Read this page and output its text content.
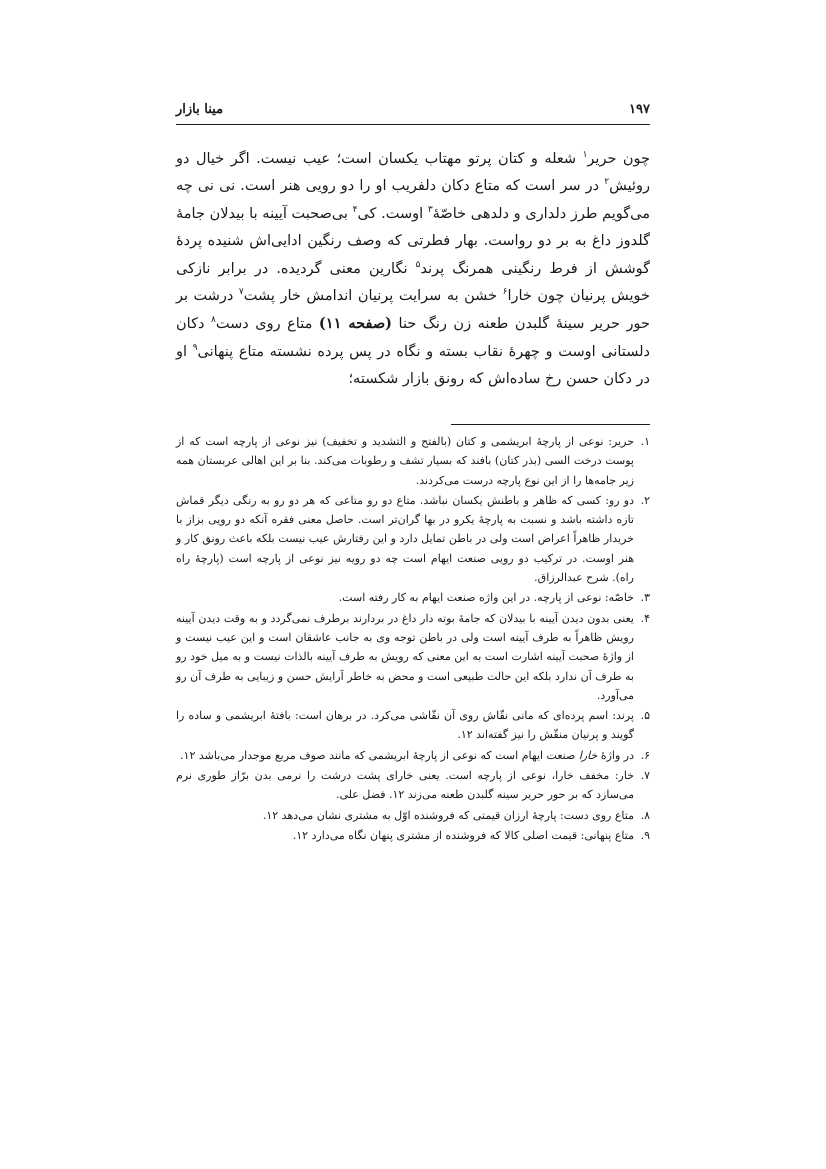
۱۹۷
مینا بازار

چون حریر$^۱$ شعله و کتان پرتو مهتاب یکسان است؛ عیب نیست. اگر خیال دو روئیش$^۲$ در سر است که متاع دکان دلفریب او را دو رویی هنر است. نی نی چه می‌گویم طرز دلداری و دلدهی خاصّهٔ$^۳$ اوست. کی$^۴$ بی‌صحبت آیینه با بیدلان جامهٔ گلدوز داغ به بر دو رواست. بهار فطرتی که وصف رنگین ادایی‌اش شنیده پردهٔ گوشش از فرط رنگینی همرنگ پرند$^۵$ نگارین معنی گردیده. در برابر نازکی خویش پرنیان چون خارا$^۶$ خشن به سرایت پرنیان اندامش خار پشت$^۷$ درشت بر حور حریر سینهٔ گلبدن طعنه زن رنگ حنا (صفحه ۱۱) متاع روی دست$^۸$ دکان دلستانی اوست و چهرهٔ نقاب بسته و نگاه در پس پرده نشسته متاع پنهانی$^۹$ او در دکان حسن رخ ساده‌اش که رونق بازار شکسته؛

۱.
حریر: نوعی از پارچهٔ ابریشمی و کتان (بالفتح و التشدید و تخفیف) نیز نوعی از پارچه است که از پوست درخت السی (بذر کتان) بافند که بسیار تشف و رطوبات می‌کند. بنا بر این اهالی عربستان همه زیر جامه‌ها را از این نوع پارچه درست می‌کردند.
۲.
دو رو: کسی که ظاهر و باطنش یکسان نباشد. متاع دو رو متاعی که هر دو رو به رنگی دیگر قماش تازه داشته باشد و نسبت به پارچهٔ یکرو در بها گران‌تر است. حاصل معنی فقره آنکه دو رویی بزاز با خریدار ظاهراً اعراض است ولی در باطن تمایل دارد و این رفتارش عیب نیست بلکه باعث رونق کار و هنر اوست. در ترکیب دو رویی صنعت ایهام است چه دو رویه نیز نوعی از پارچه است (پارچهٔ راه راه). شرح عبدالرزاق.
۳.
خاصّه: نوعی از پارچه. در این واژه صنعت ایهام به کار رفته است.
۴.
یعنی بدون دیدن آیینه با بیدلان که جامهٔ بوته دار داغ در بردارند برطرف نمی‌گردد و به وقت دیدن آیینه رویش ظاهراً به طرف آیینه است ولی در باطن توجه وی به جانب عاشقان است و این عیب نیست و از واژهٔ صحبت آیینه اشارت است به این معنی که رویش به طرف آیینه بالذات نیست و به میل خود رو به طرف آن ندارد بلکه این حالت طبیعی است و محض به خاطر آرایش حسن و زیبایی به طرف آن رو می‌آورد.
۵.
پرند: اسم پرده‌ای که مانی نقّاش روی آن نقّاشی می‌کرد. در برهان است: بافتهٔ ابریشمی و ساده را گویند و پرنیان منقّش را نیز گفته‌اند ۱۲.
۶.
در واژهٔ خارا صنعت ایهام است که نوعی از پارچهٔ ابریشمی که مانند صوف مربع موجدار می‌باشد ۱۲.
۷.
خار: مخفف خارا، نوعی از پارچه است. یعنی خارای پشت درشت را نرمی بدن برّاز طوری نرم می‌سازد که بر حور حریر سینه گلبدن طعنه می‌زند ۱۲. فضل علی.
۸.
متاع روی دست: پارچهٔ ارزان قیمتی که فروشنده اوّل به مشتری نشان می‌دهد ۱۲.
۹.
متاع پنهانی: قیمت اصلی کالا که فروشنده از مشتری پنهان نگاه می‌دارد ۱۲.
